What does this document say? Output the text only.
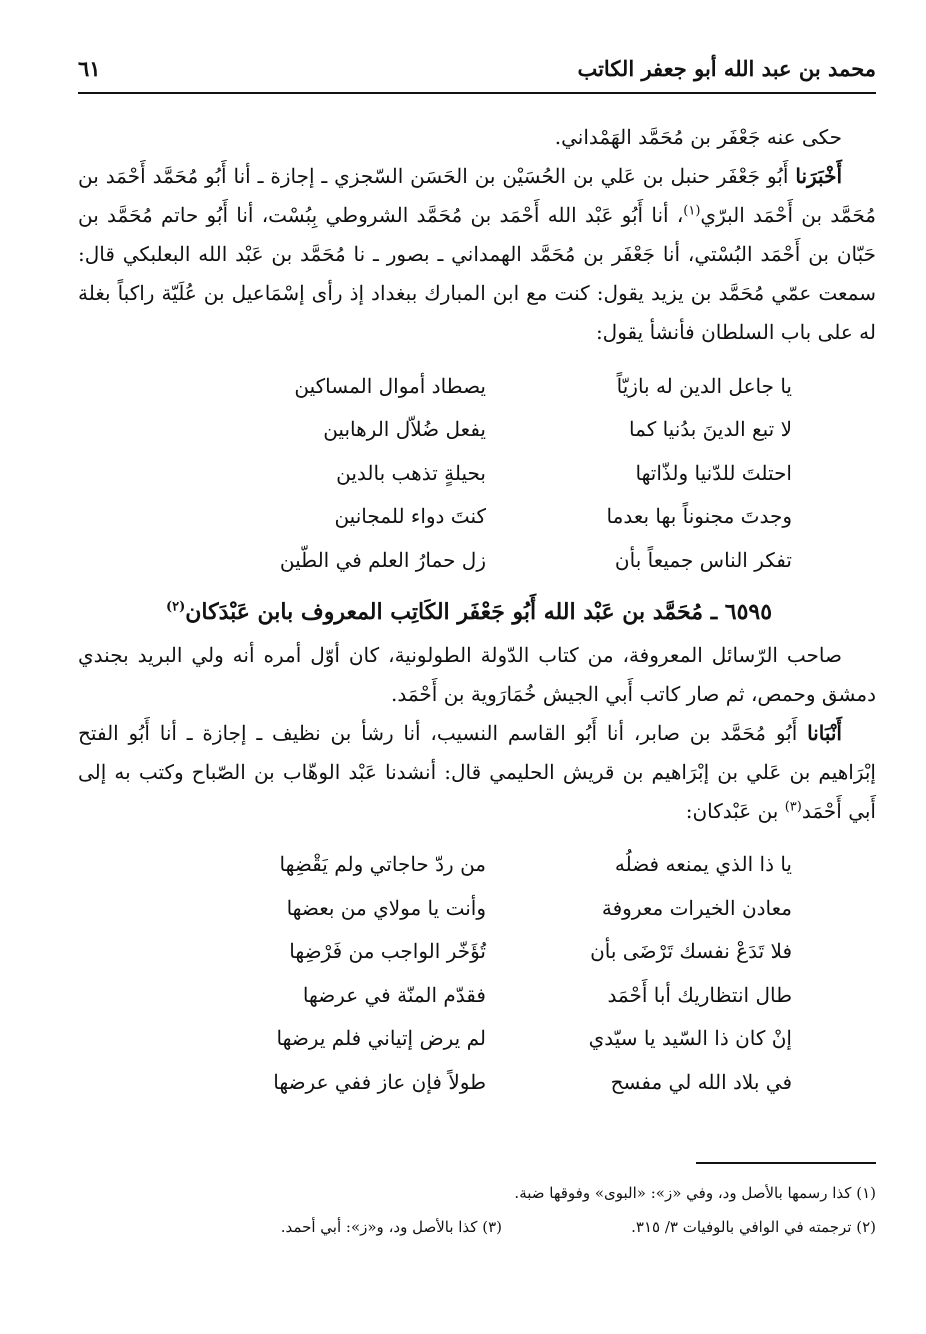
محمد بن عبد الله أبو جعفر الكاتب
٦١

حكى عنه جَعْفَر بن مُحَمَّد الهَمْداني.

أَخْبَرَنا أَبُو جَعْفَر حنبل بن عَلي بن الحُسَيْن بن الحَسَن السّجزي ـ إجازة ـ أنا أَبُو مُحَمَّد أَحْمَد بن مُحَمَّد بن أَحْمَد البرّي$^{(١)}$، أنا أَبُو عَبْد الله أَحْمَد بن مُحَمَّد الشروطي بِبُسْت، أنا أَبُو حاتم مُحَمَّد بن حَبّان بن أَحْمَد البُسْتي، أنا جَعْفَر بن مُحَمَّد الهمداني ـ بصور ـ نا مُحَمَّد بن عَبْد الله البعلبكي قال: سمعت عمّي مُحَمَّد بن يزيد يقول: كنت مع ابن المبارك ببغداد إذ رأى إسْمَاعيل بن عُلَيّة راكباً بغلة له على باب السلطان فأنشأ يقول:

يا جاعل الدين له بازيّاً
يصطاد أموال المساكين
لا تبع الدينَ بدُنيا كما
يفعل ضُلاّل الرهابين
احتلتَ للدّنيا ولذّاتها
بحيلةٍ تذهب بالدين
وجدتَ مجنوناً بها بعدما
كنتَ دواء للمجانين
تفكر الناس جميعاً بأن
زل حمارُ العلم في الطّين
٦٥٩٥ ـ مُحَمَّد بن عَبْد الله أَبُو جَعْفَر الكَاتِب المعروف بابن عَبْدَكان$^{(٢)}$

صاحب الرّسائل المعروفة، من كتاب الدّولة الطولونية، كان أوّل أمره أنه ولي البريد بجندي دمشق وحمص، ثم صار كاتب أَبي الجيش خُمَارَوية بن أَحْمَد.

أَنْبَانا أَبُو مُحَمَّد بن صابر، أنا أَبُو القاسم النسيب، أنا رشأ بن نظيف ـ إجازة ـ أنا أَبُو الفتح إبْرَاهيم بن عَلي بن إبْرَاهيم بن قريش الحليمي قال: أنشدنا عَبْد الوهّاب بن الصّباح وكتب به إلى أَبي أَحْمَد$^{(٣)}$ بن عَبْدكان:

يا ذا الذي يمنعه فضلُه
من ردّ حاجاتي ولم يَقْضِها
معادن الخيرات معروفة
وأنت يا مولاي من بعضها
فلا تَدَعْ نفسك تَرْضَى بأن
تُؤَخّر الواجب من فَرْضِها
طال انتظاريك أبا أَحْمَد
فقدّم المنّة في عرضها
إنْ كان ذا السّيد يا سيّدي
لم يرض إتياني فلم يرضها
في بلاد الله لي مفسح
طولاً فإن عاز ففي عرضها
(١) كذا رسمها بالأصل ود، وفي «ز»: «البوى» وفوقها ضبة.
(٢) ترجمته في الوافي بالوفيات ٣/ ٣١٥.
(٣) كذا بالأصل ود، و«ز»: أبي أحمد.
